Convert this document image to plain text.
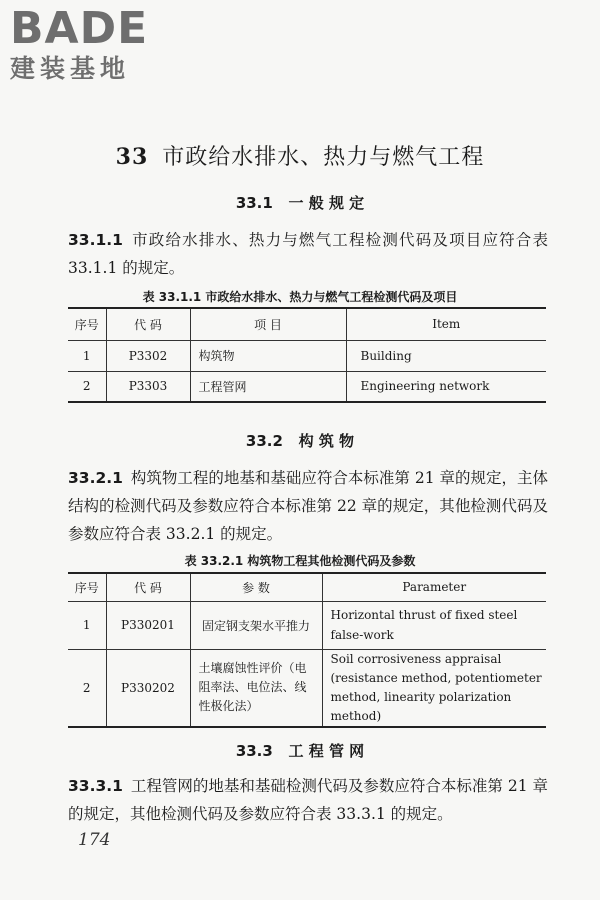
BADE
建装基地
33 市政给水排水、热力与燃气工程
33.1 一 般 规 定
33.1.1 市政给水排水、热力与燃气工程检测代码及项目应符合表 33.1.1 的规定。
表 33.1.1 市政给水排水、热力与燃气工程检测代码及项目
序号	代 码	项 目	Item
1	P3302	构筑物	Building
2	P3303	工程管网	Engineering network
33.2 构 筑 物
33.2.1 构筑物工程的地基和基础应符合本标准第 21 章的规定，主体结构的检测代码及参数应符合本标准第 22 章的规定，其他检测代码及参数应符合表 33.2.1 的规定。
表 33.2.1 构筑物工程其他检测代码及参数
序号	代 码	参 数	Parameter
1	P330201	固定钢支架水平推力	Horizontal thrust of fixed steel false-work
2	P330202	土壤腐蚀性评价（电阻率法、电位法、线性极化法）	Soil corrosiveness appraisal (resistance method, potentiometer method, linearity polarization method)
33.3 工 程 管 网
33.3.1 工程管网的地基和基础检测代码及参数应符合本标准第 21 章的规定，其他检测代码及参数应符合表 33.3.1 的规定。
174
